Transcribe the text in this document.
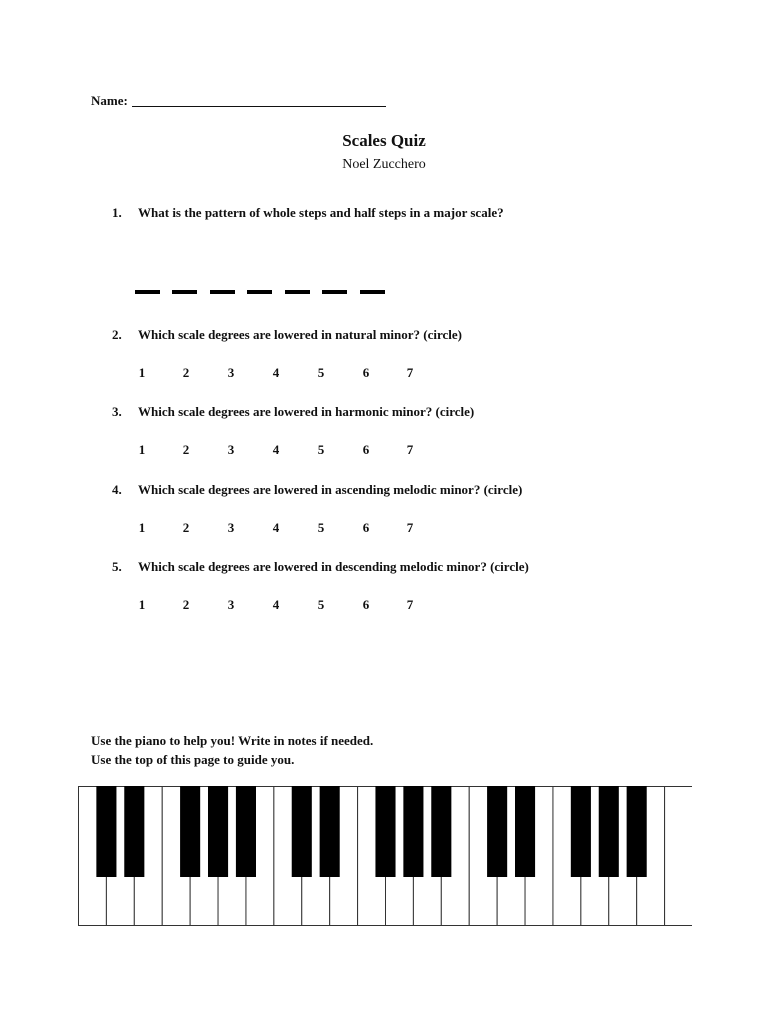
Name:
Scales Quiz
Noel Zucchero
1. What is the pattern of whole steps and half steps in a major scale?
2. Which scale degrees are lowered in natural minor? (circle)
1	2	3	4	5	6	7
3. Which scale degrees are lowered in harmonic minor? (circle)
1	2	3	4	5	6	7
4. Which scale degrees are lowered in ascending melodic minor? (circle)
1	2	3	4	5	6	7
5. Which scale degrees are lowered in descending melodic minor? (circle)
1	2	3	4	5	6	7
Use the piano to help you! Write in notes if needed.
Use the top of this page to guide you.
